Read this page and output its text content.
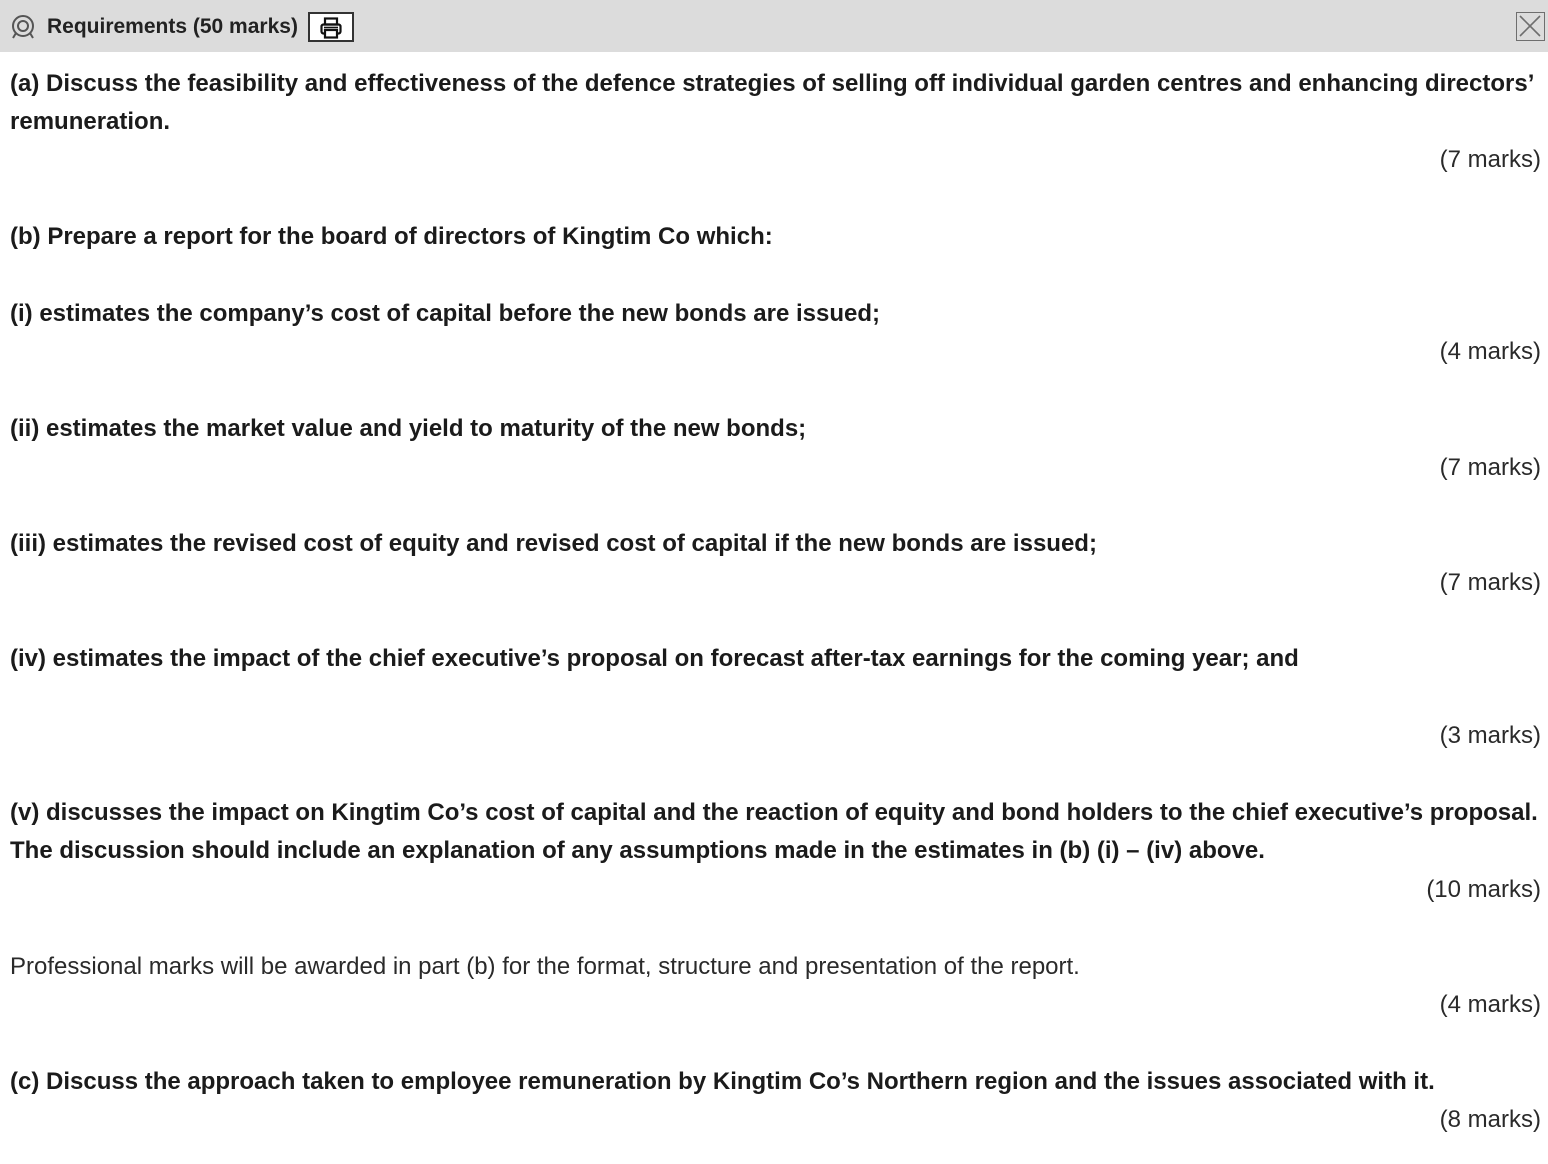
Requirements (50 marks)
(a) Discuss the feasibility and effectiveness of the defence strategies of selling off individual garden centres and enhancing directors’ remuneration.
(7 marks)
(b) Prepare a report for the board of directors of Kingtim Co which:
(i) estimates the company’s cost of capital before the new bonds are issued;
(4 marks)
(ii) estimates the market value and yield to maturity of the new bonds;
(7 marks)
(iii) estimates the revised cost of equity and revised cost of capital if the new bonds are issued;
(7 marks)
(iv) estimates the impact of the chief executive’s proposal on forecast after-tax earnings for the coming year; and
(3 marks)
(v) discusses the impact on Kingtim Co’s cost of capital and the reaction of equity and bond holders to the chief executive’s proposal. The discussion should include an explanation of any assumptions made in the estimates in (b) (i) – (iv) above.
(10 marks)
Professional marks will be awarded in part (b) for the format, structure and presentation of the report.
(4 marks)
(c) Discuss the approach taken to employee remuneration by Kingtim Co’s Northern region and the issues associated with it.
(8 marks)
